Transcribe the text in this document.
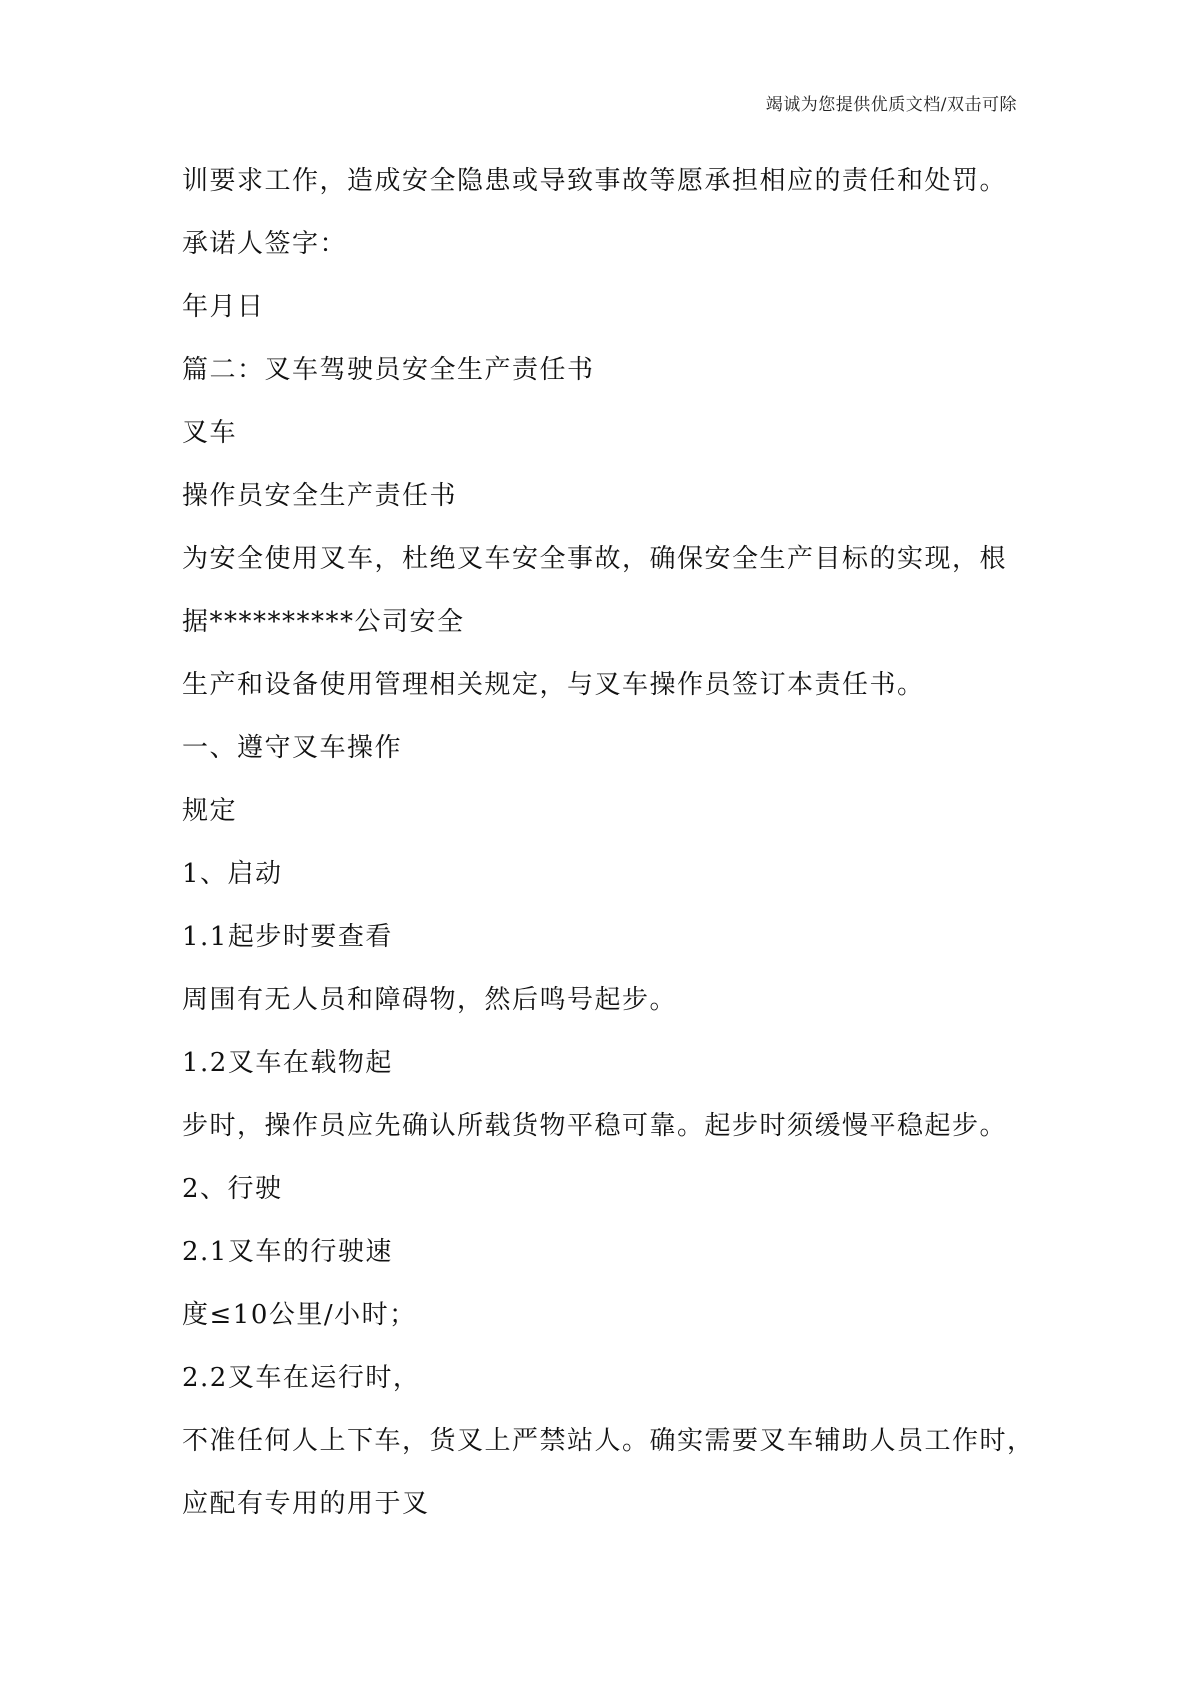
竭诚为您提供优质文档/双击可除
训要求工作，造成安全隐患或导致事故等愿承担相应的责任和处罚。
承诺人签字：
年月日
篇二：叉车驾驶员安全生产责任书
叉车
操作员安全生产责任书
为安全使用叉车，杜绝叉车安全事故，确保安全生产目标的实现，根
据**********公司安全
生产和设备使用管理相关规定，与叉车操作员签订本责任书。
一、遵守叉车操作
规定
1、启动
1.1起步时要查看
周围有无人员和障碍物，然后鸣号起步。
1.2叉车在载物起
步时，操作员应先确认所载货物平稳可靠。起步时须缓慢平稳起步。
2、行驶
2.1叉车的行驶速
度≤10公里/小时；
2.2叉车在运行时，
不准任何人上下车，货叉上严禁站人。确实需要叉车辅助人员工作时，
应配有专用的用于叉
